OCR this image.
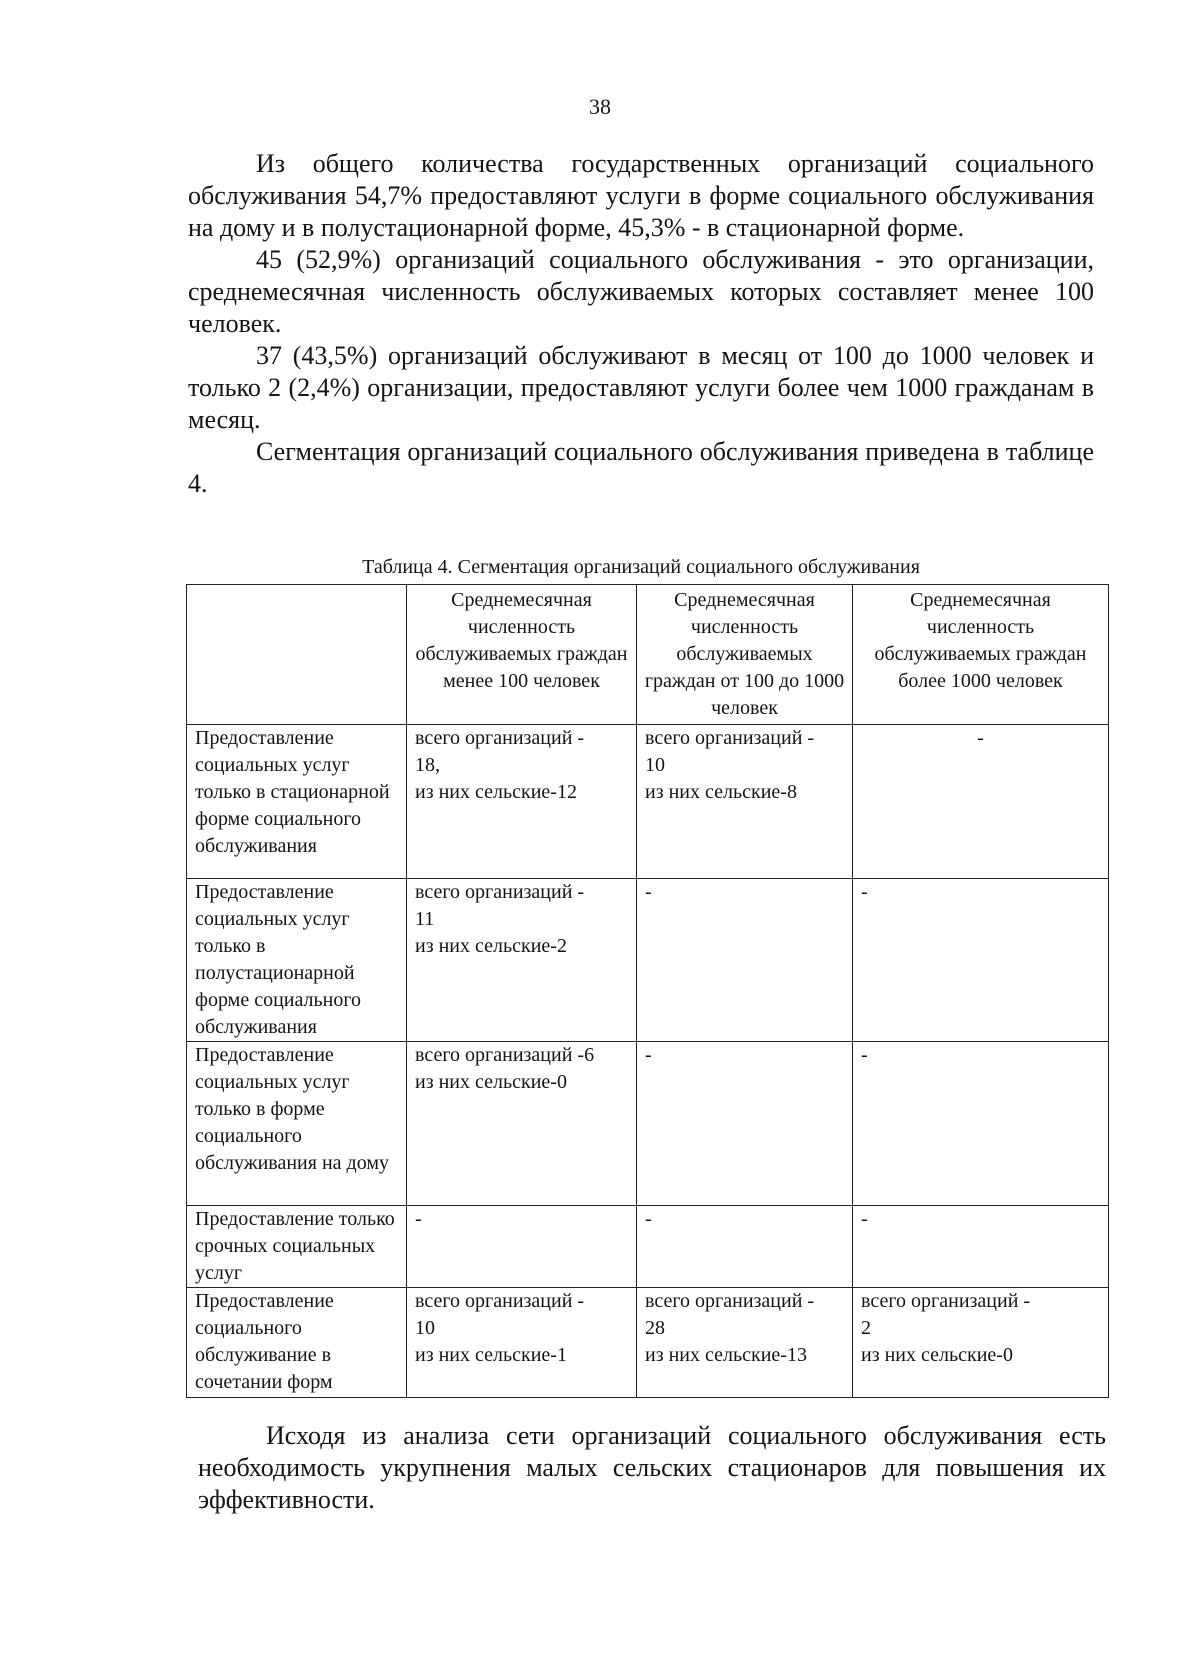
38

Из общего количества государственных организаций социального обслуживания 54,7% предоставляют услуги в форме социального обслуживания на дому и в полустационарной форме, 45,3% - в стационарной форме.

45 (52,9%) организаций социального обслуживания - это организации, среднемесячная численность обслуживаемых которых составляет менее 100 человек.

37 (43,5%) организаций обслуживают в месяц от 100 до 1000 человек и только 2 (2,4%) организации, предоставляют услуги более чем 1000 гражданам в месяц.

Сегментация организаций социального обслуживания приведена в таблице 4.

Таблица 4. Сегментация организаций социального обслуживания
	Среднемесячная численность обслуживаемых граждан менее 100 человек	Среднемесячная численность обслуживаемых граждан от 100 до 1000 человек	Среднемесячная численность обслуживаемых граждан более 1000 человек
Предоставление социальных услуг только в стационарной форме социального обслуживания	всего организаций -
18,
из них сельские-12	всего организаций -
10
из них сельские-8	-

Предоставление социальных услуг только в полустационарной форме социального обслуживания	всего организаций -
11
из них сельские-2	-	-

Предоставление социальных услуг только в форме социального обслуживания на дому	всего организаций -6
из них сельские-0	-	-

Предоставление только срочных социальных услуг	-	-	-

Предоставление социального обслуживание в сочетании форм	всего организаций -
10
из них сельские-1	всего организаций -
28
из них сельские-13	всего организаций -
2
из них сельские-0

Исходя из анализа сети организаций социального обслуживания есть необходимость укрупнения малых сельских стационаров для повышения их эффективности.
